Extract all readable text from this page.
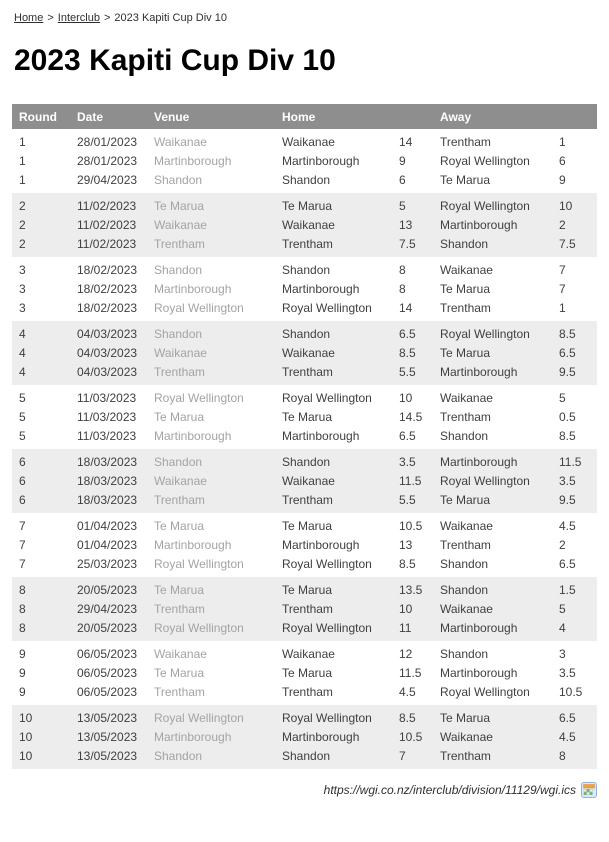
Home > Interclub > 2023 Kapiti Cup Div 10
2023 Kapiti Cup Div 10
Round	Date	Venue	Home		Away	
1	28/01/2023	Waikanae	Waikanae	14	Trentham	1
1	28/01/2023	Martinborough	Martinborough	9	Royal Wellington	6
1	29/04/2023	Shandon	Shandon	6	Te Marua	9
2	11/02/2023	Te Marua	Te Marua	5	Royal Wellington	10
2	11/02/2023	Waikanae	Waikanae	13	Martinborough	2
2	11/02/2023	Trentham	Trentham	7.5	Shandon	7.5
3	18/02/2023	Shandon	Shandon	8	Waikanae	7
3	18/02/2023	Martinborough	Martinborough	8	Te Marua	7
3	18/02/2023	Royal Wellington	Royal Wellington	14	Trentham	1
4	04/03/2023	Shandon	Shandon	6.5	Royal Wellington	8.5
4	04/03/2023	Waikanae	Waikanae	8.5	Te Marua	6.5
4	04/03/2023	Trentham	Trentham	5.5	Martinborough	9.5
5	11/03/2023	Royal Wellington	Royal Wellington	10	Waikanae	5
5	11/03/2023	Te Marua	Te Marua	14.5	Trentham	0.5
5	11/03/2023	Martinborough	Martinborough	6.5	Shandon	8.5
6	18/03/2023	Shandon	Shandon	3.5	Martinborough	11.5
6	18/03/2023	Waikanae	Waikanae	11.5	Royal Wellington	3.5
6	18/03/2023	Trentham	Trentham	5.5	Te Marua	9.5
7	01/04/2023	Te Marua	Te Marua	10.5	Waikanae	4.5
7	01/04/2023	Martinborough	Martinborough	13	Trentham	2
7	25/03/2023	Royal Wellington	Royal Wellington	8.5	Shandon	6.5
8	20/05/2023	Te Marua	Te Marua	13.5	Shandon	1.5
8	29/04/2023	Trentham	Trentham	10	Waikanae	5
8	20/05/2023	Royal Wellington	Royal Wellington	11	Martinborough	4
9	06/05/2023	Waikanae	Waikanae	12	Shandon	3
9	06/05/2023	Te Marua	Te Marua	11.5	Martinborough	3.5
9	06/05/2023	Trentham	Trentham	4.5	Royal Wellington	10.5
10	13/05/2023	Royal Wellington	Royal Wellington	8.5	Te Marua	6.5
10	13/05/2023	Martinborough	Martinborough	10.5	Waikanae	4.5
10	13/05/2023	Shandon	Shandon	7	Trentham	8
https://wgi.co.nz/interclub/division/11129/wgi.ics
